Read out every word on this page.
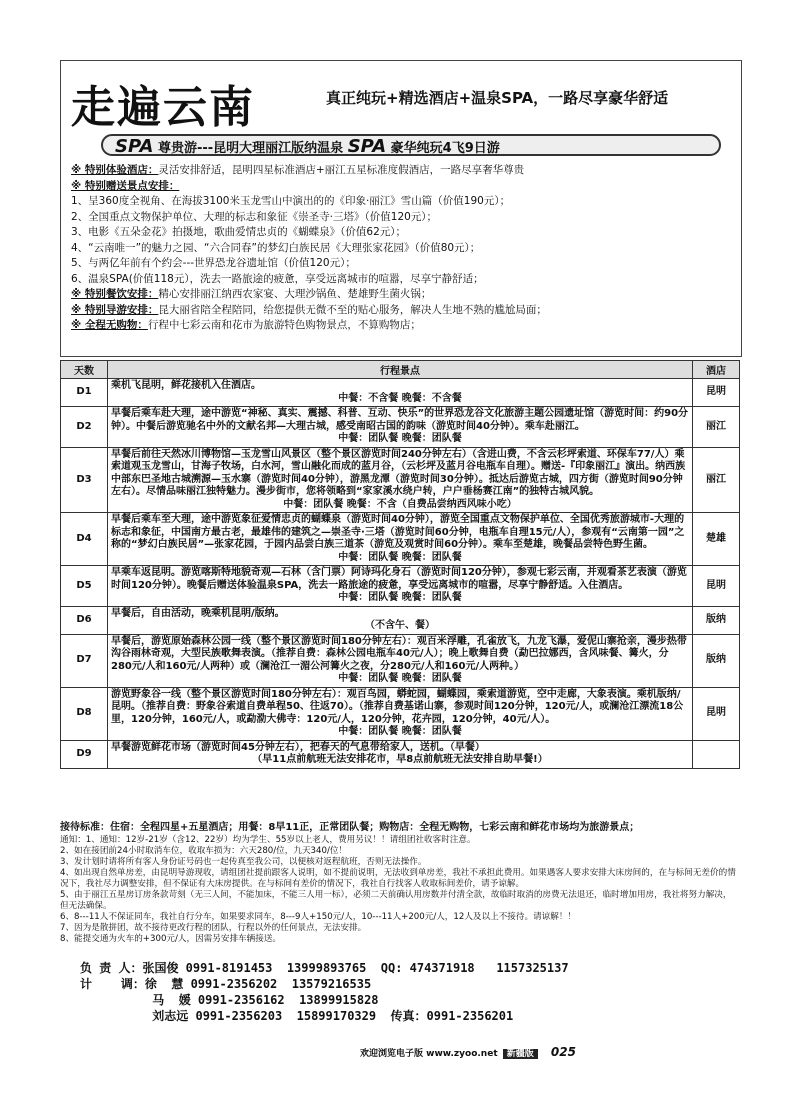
走遍云南	真正纯玩+精选酒店+温泉SPA，一路尽享豪华舒适
SPA 尊贵游---昆明大理丽江版纳温泉 SPA 豪华纯玩4飞9日游
※ 特别体验酒店：灵活安排舒适，昆明四星标准酒店+丽江五星标准度假酒店，一路尽享奢华尊贵
※ 特别赠送景点安排：
1、呈360度全视角、在海拔3100米玉龙雪山中演出的的《印象·丽江》雪山篇（价值190元）；
2、全国重点文物保护单位、大理的标志和象征《崇圣寺·三塔》（价值120元）；
3、电影《五朵金花》拍摄地，歌曲爱情忠贞的《蝴蝶泉》（价值62元）；
4、“云南唯一”的魅力之园、“六合同春”的梦幻白族民居《大理张家花园》（价值80元）；
5、与两亿年前有个约会---世界恐龙谷遗址馆（价值120元）；
6、温泉SPA(价值118元），洗去一路旅途的疲惫，享受远离城市的喧嚣，尽享宁静舒适；
※ 特别餐饮安排：精心安排丽江纳西农家宴、大理沙锅鱼、楚雄野生菌火锅；
※ 特别导游安排：昆大丽省陪全程陪同，给您提供无微不至的贴心服务，解决人生地不熟的尴尬局面；
※ 全程无购物：行程中七彩云南和花市为旅游特色购物景点，不算购物店；
天数	行程景点	酒店
D1	乘机飞昆明，鲜花接机入住酒店。
中餐：不含餐 晚餐：不含餐	昆明
D2	早餐后乘车赴大理，途中游览“神秘、真实、震撼、科普、互动、快乐”的世界恐龙谷文化旅游主题公园遗址馆（游览时间：约90分钟）。中餐后游览驰名中外的文献名邦—大理古城，感受南昭古国的韵味（游览时间40分钟）。乘车赴丽江。
中餐：团队餐 晚餐：团队餐	丽江
D3	早餐后前往天然冰川博物馆—玉龙雪山风景区（整个景区游览时间240分钟左右）（含进山费，不含云杉坪索道、环保车77/人）乘索道观玉龙雪山，甘海子牧场，白水河，雪山融化而成的蓝月谷，（云杉坪及蓝月谷电瓶车自理）。赠送-『印象丽江』演出。纳西族中部东巴圣地古城溯源—玉水寨（游览时间40分钟），游黑龙潭（游览时间30分钟）。抵达后游览古城，四方街（游览时间90分钟左右）。尽情品味丽江独特魅力。漫步街市，您将领略到“家家溪水绕户转，户户垂杨赛江南”的独特古城风貌。
中餐：团队餐 晚餐：不含（自费品尝纳西风味小吃）	丽江
D4	早餐后乘车至大理，途中游览象征爱情忠贞的蝴蝶泉（游览时间40分钟），游览全国重点文物保护单位、全国优秀旅游城市-大理的标志和象征，中国南方最古老，最雄伟的建筑之—崇圣寺·三塔（游览时间60分钟，电瓶车自理15元/人），参观有“云南第一园”之称的“梦幻白族民居”—张家花园，于园内品尝白族三道茶（游览及观赏时间60分钟）。乘车至楚雄，晚餐品尝特色野生菌。
中餐：团队餐 晚餐：团队餐	楚雄
D5	早乘车返昆明。游览喀斯特地貌奇观—石林（含门票）阿诗玛化身石（游览时间120分钟），参观七彩云南，并观看茶艺表演（游览时间120分钟）。晚餐后赠送体验温泉SPA，洗去一路旅途的疲惫，享受远离城市的喧嚣，尽享宁静舒适。入住酒店。
中餐：团队餐 晚餐：团队餐	昆明
D6	早餐后，自由活动，晚乘机昆明/版纳。
（不含午、餐）	版纳
D7	早餐后，游览原始森林公园一线（整个景区游览时间180分钟左右）：观百米浮雕，孔雀放飞，九龙飞瀑，爱伲山寨抢亲，漫步热带沟谷雨林奇观，大型民族歌舞表演。（推荐自费：森林公园电瓶车40元/人）；晚上歌舞自费（勐巴拉娜西，含风味餐、篝火，分280元/人和160元/人两种）或（澜沧江一湄公河篝火之夜，分280元/人和160元/人两种。）
中餐：团队餐 晚餐：团队餐	版纳
D8	游览野象谷一线（整个景区游览时间180分钟左右）：观百鸟园，蟒蛇园，蝴蝶园，乘索道游览，空中走廊，大象表演。乘机版纳/昆明。（推荐自费：野象谷索道自费单程50、往返70）。（推荐自费基诺山寨，参观时间120分钟，120元/人，或澜沧江漂流18公里，120分钟，160元/人，或勐泐大佛寺：120元/人，120分钟，花卉园，120分钟，40元/人）。
中餐：团队餐 晚餐：团队餐	昆明
D9	早餐游览鲜花市场（游览时间45分钟左右），把春天的气息带给家人，送机。（早餐）
（早11点前航班无法安排花市，早8点前航班无法安排自助早餐!）	

接待标准：住宿：全程四星+五星酒店；用餐：8早11正，正常团队餐；购物店：全程无购物，七彩云南和鲜花市场均为旅游景点；
通知：1、通知：12岁-21岁（含12、22岁）均为学生、55岁以上老人，费用另议！！请组团社收客时注意。
2、如在接团前24小时取消车位，收取车损为：六天280/位，九天340/位！
3、发计划时请将所有客人身份证号码也一起传真至我公司，以便核对返程航班，否则无法操作。
4、如出现自然单房差，由昆明导游现收，请组团社提前跟客人说明，如不提前说明，无法收到单房差，我社不承担此费用。如果遇客人要求安排大床房间的，在与标间无差价的情况下，我社尽力调整安排，但不保证有大床房提供。在与标间有差价的情况下，我社自行找客人收取标间差价，请予谅解。
5、由于丽江五星房订房条款苛刻（无三人间，不能加床，不能三人用一标），必须二天前确认用房数并付清全款，故临时取消的房费无法退还，临时增加用房，我社将努力解决，但无法确保。
6、8---11人不保证同车，我社自行分车，如果要求同车，8---9人+150元/人，10---11人+200元/人，12人及以上不接待。请谅解！！
7、因为是散拼团，故不接待更改行程的团队，行程以外的任何景点，无法安排。
8、能提交通为火车的+300元/人，因需另安排车辆接送。
负 责 人：张国俊 0991-8191453  13999893765  QQ: 474371918   1157325137
计    调：徐  慧 0991-2356202  13579216535
马  媛 0991-2356162  13899915828
刘志远 0991-2356203  15899170329  传真：0991-2356201
欢迎浏览电子版 www.zyoo.net 新疆版 025
